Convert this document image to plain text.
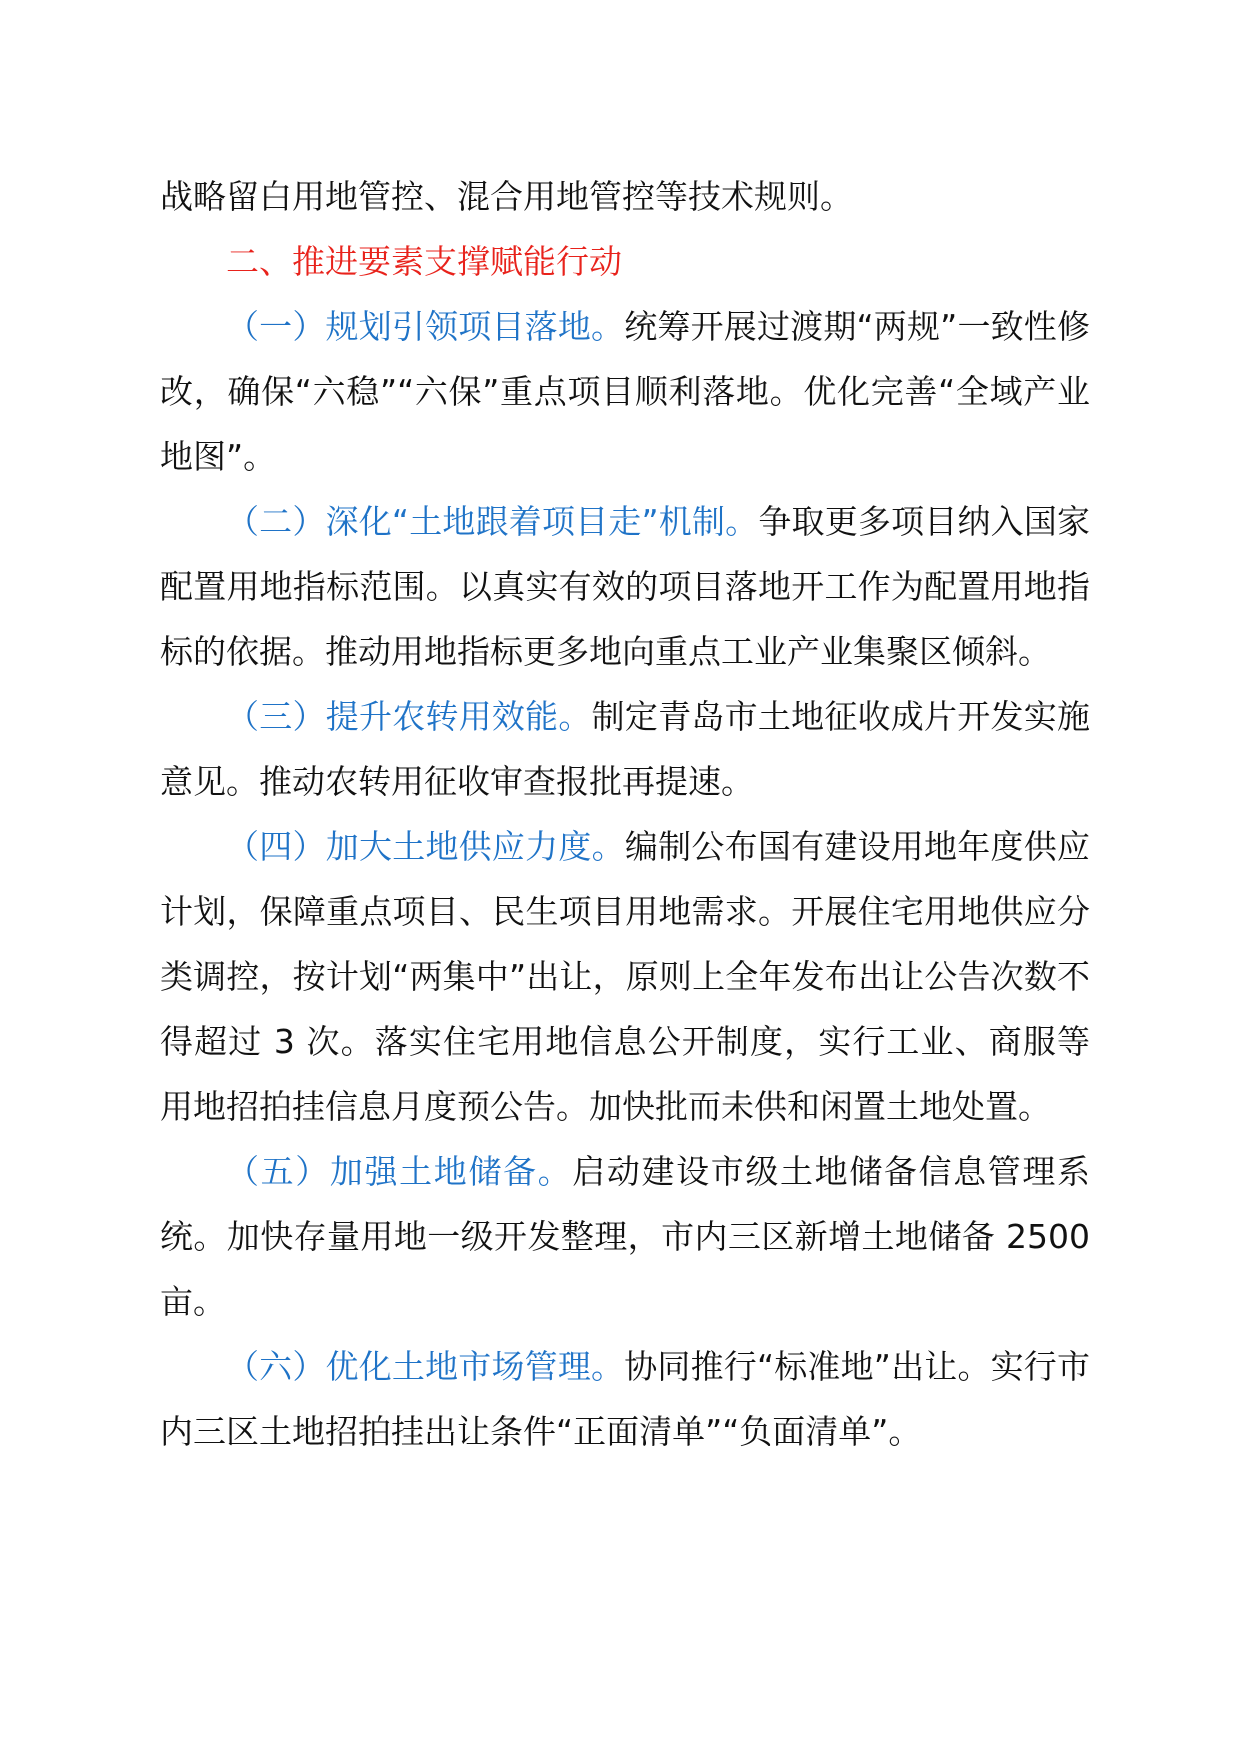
战略留白用地管控、混合用地管控等技术规则。

二、推进要素支撑赋能行动

（一）规划引领项目落地。统筹开展过渡期“两规”一致性修改，确保“六稳”“六保”重点项目顺利落地。优化完善“全域产业地图”。

（二）深化“土地跟着项目走”机制。争取更多项目纳入国家配置用地指标范围。以真实有效的项目落地开工作为配置用地指标的依据。推动用地指标更多地向重点工业产业集聚区倾斜。

（三）提升农转用效能。制定青岛市土地征收成片开发实施意见。推动农转用征收审查报批再提速。

（四）加大土地供应力度。编制公布国有建设用地年度供应计划，保障重点项目、民生项目用地需求。开展住宅用地供应分类调控，按计划“两集中”出让，原则上全年发布出让公告次数不得超过 3 次。落实住宅用地信息公开制度，实行工业、商服等用地招拍挂信息月度预公告。加快批而未供和闲置土地处置。

（五）加强土地储备。启动建设市级土地储备信息管理系统。加快存量用地一级开发整理，市内三区新增土地储备 2500 亩。

（六）优化土地市场管理。协同推行“标准地”出让。实行市内三区土地招拍挂出让条件“正面清单”“负面清单”。
